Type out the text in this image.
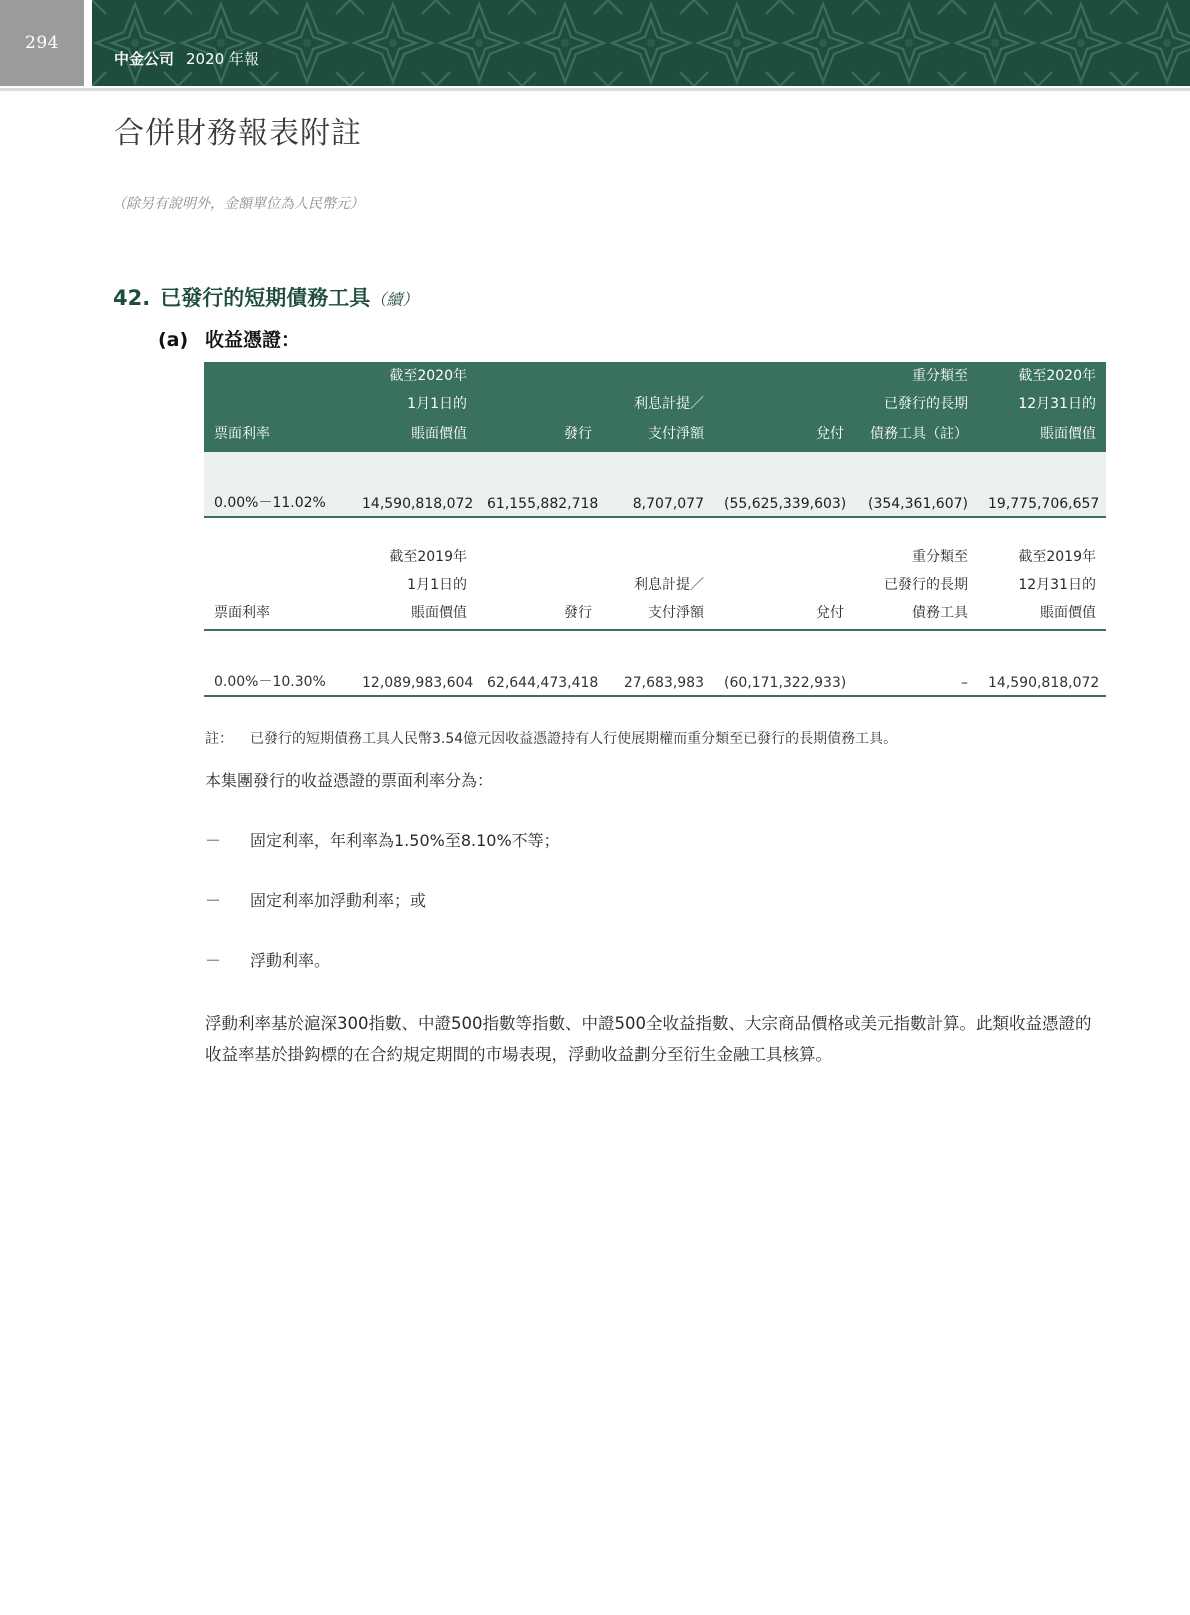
294
中金公司 2020 年報
合併財務報表附註
（除另有說明外，金額單位為人民幣元）
42. 已發行的短期債務工具（續）
(a) 收益憑證：
	截至2020年				重分類至	截至2020年
	1月1日的		利息計提／		已發行的長期	12月31日的
票面利率	賬面價值	發行	支付淨額	兌付	債務工具（註）	賬面價值
0.00%－11.02%	14,590,818,072	61,155,882,718	8,707,077	(55,625,339,603)	(354,361,607)	19,775,706,657
	截至2019年				重分類至	截至2019年
	1月1日的		利息計提／		已發行的長期	12月31日的
票面利率	賬面價值	發行	支付淨額	兌付	債務工具	賬面價值
0.00%－10.30%	12,089,983,604	62,644,473,418	27,683,983	(60,171,322,933)	–	14,590,818,072
註： 已發行的短期債務工具人民幣3.54億元因收益憑證持有人行使展期權而重分類至已發行的長期債務工具。
本集團發行的收益憑證的票面利率分為：
－ 固定利率，年利率為1.50%至8.10%不等；
－ 固定利率加浮動利率；或
－ 浮動利率。
浮動利率基於滬深300指數、中證500指數等指數、中證500全收益指數、大宗商品價格或美元指數計算。此類收益憑證的收益率基於掛鈎標的在合約規定期間的市場表現，浮動收益劃分至衍生金融工具核算。
